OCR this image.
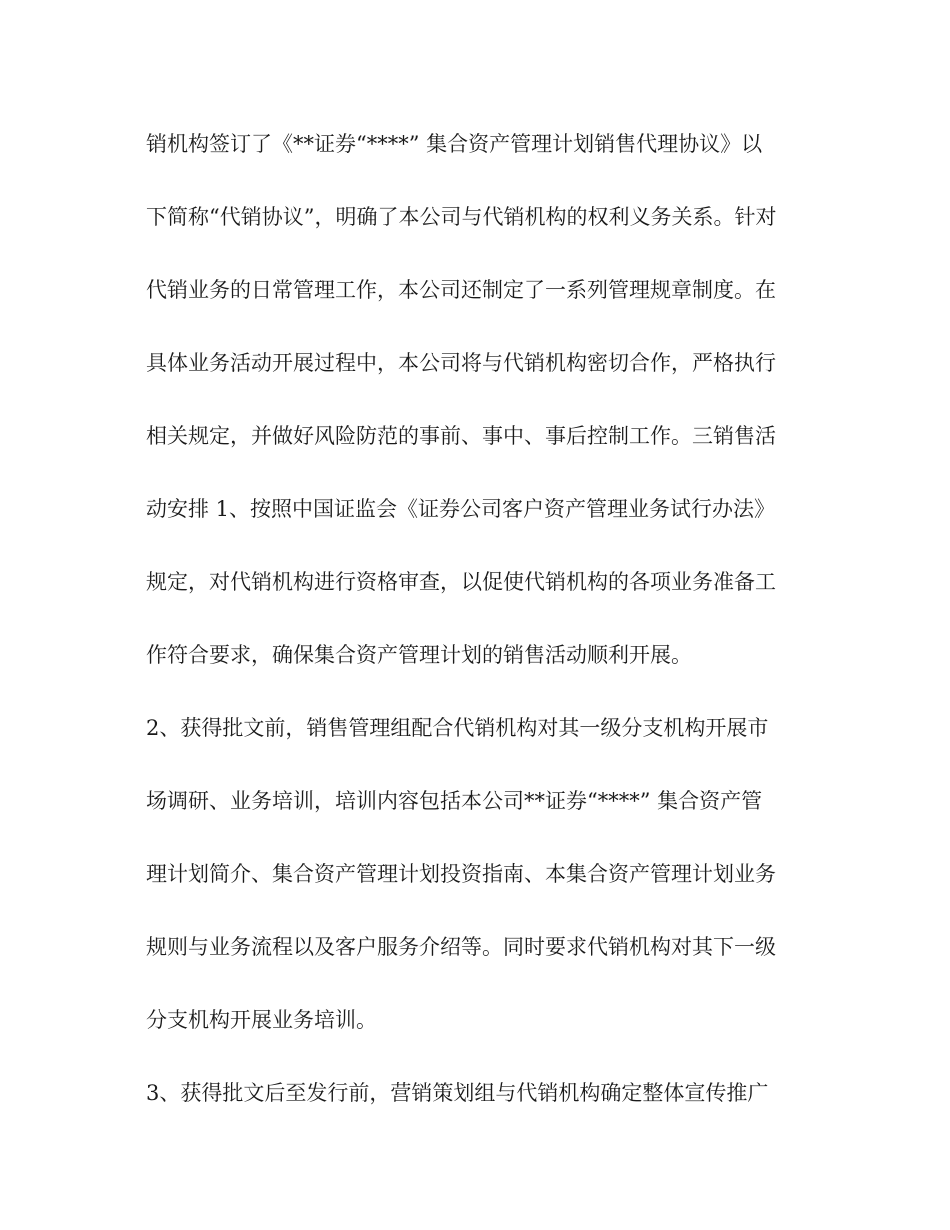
销机构签订了《**证券“****” 集合资产管理计划销售代理协议》以
下简称“代销协议”，明确了本公司与代销机构的权利义务关系。针对
代销业务的日常管理工作，本公司还制定了一系列管理规章制度。在
具体业务活动开展过程中，本公司将与代销机构密切合作，严格执行
相关规定，并做好风险防范的事前、事中、事后控制工作。三销售活
动安排 1、按照中国证监会《证券公司客户资产管理业务试行办法》
规定，对代销机构进行资格审查，以促使代销机构的各项业务准备工
作符合要求，确保集合资产管理计划的销售活动顺利开展。
2、获得批文前，销售管理组配合代销机构对其一级分支机构开展市
场调研、业务培训，培训内容包括本公司**证券“****” 集合资产管
理计划简介、集合资产管理计划投资指南、本集合资产管理计划业务
规则与业务流程以及客户服务介绍等。同时要求代销机构对其下一级
分支机构开展业务培训。
3、获得批文后至发行前，营销策划组与代销机构确定整体宣传推广
